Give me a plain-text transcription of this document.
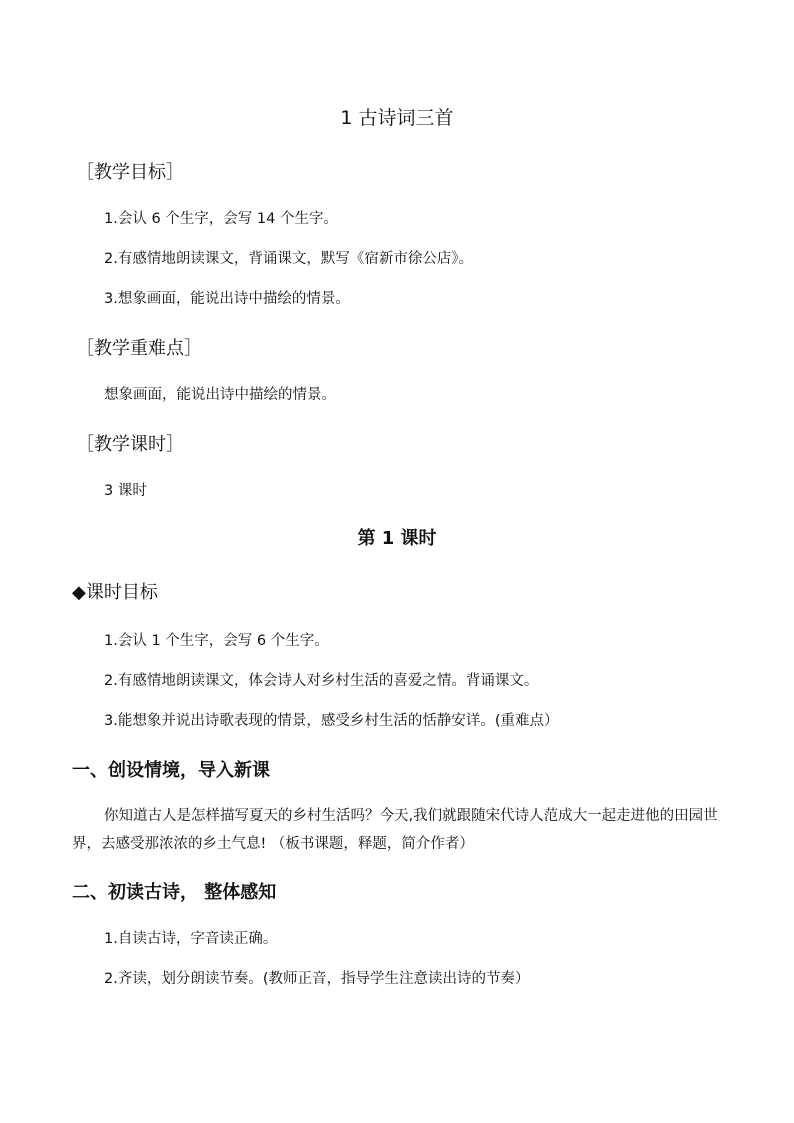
1 古诗词三首
［教学目标］
1.会认 6 个生字，会写 14 个生字。
2.有感情地朗读课文，背诵课文，默写《宿新市徐公店》。
3.想象画面，能说出诗中描绘的情景。
［教学重难点］
想象画面，能说出诗中描绘的情景。
［教学课时］
3 课时
第 1 课时
◆课时目标
1.会认 1 个生字，会写 6 个生字。
2.有感情地朗读课文，体会诗人对乡村生活的喜爱之情。背诵课文。
3.能想象并说出诗歌表现的情景，感受乡村生活的恬静安详。(重难点）
一、创设情境，导入新课
你知道古人是怎样描写夏天的乡村生活吗？今天,我们就跟随宋代诗人范成大一起走进他的田园世界，去感受那浓浓的乡土气息! （板书课题，释题，简介作者）
二、初读古诗， 整体感知
1.自读古诗，字音读正确。
2.齐读，划分朗读节奏。(教师正音，指导学生注意读出诗的节奏）
